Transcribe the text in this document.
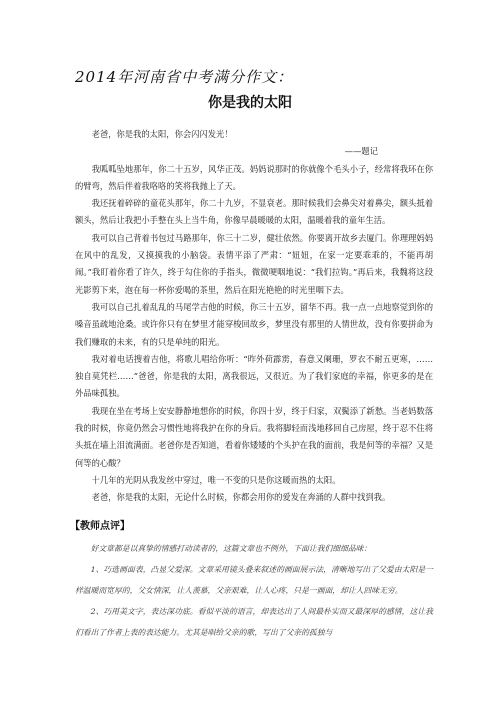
2014年河南省中考满分作文：
你是我的太阳

老爸，你是我的太阳，你会闪闪发光！

——题记

我呱呱坠地那年，你二十五岁，风华正茂。妈妈说那时的你就像个毛头小子，经常将我环在你的臂弯，然后伴着我咯咯的笑将我抛上了天。

我还抚着碎碎的童花头那年，你二十九岁，不显衰老。那时候我们会鼻尖对着鼻尖，额头抵着额头，然后让我把小手整在头上当牛角，你像早晨暖暖的太阳，温暖着我的童年生活。

我可以自己背着书包过马路那年，你三十二岁，健壮依然。你要离开故乡去厦门。你理理妈妈在风中的乱发，又摸摸我的小脑袋。表情平添了严肃：“妞妞，在家一定要乖乖的，不能再胡闹。”我盯着你看了许久，终于勾住你的手指头，微微哽咽地说：“我们拉钩。”再后来，我魏将这段光影剪下来，泡在每一杯你爱喝的茶里，然后在阳光艳艳的时光里咽下去。

我可以自己扎着乱乱的马尾学吉他的时候，你三十五岁，留华不再。我一点一点地察觉到你的嗓音虽疏地沧桑。或许你只有在梦里才能穿梭回故乡，梦里没有那里的人情世故，没有你要拼命为我们赚取的未来，有的只是单纯的阳光。

我对着电话搜着吉他，将歌儿唱给你听：“昨外荷霹雳，春意又阑珊，罗衣不耐五更寒，……独自莫凭栏……”爸爸，你是我的太阳，离我很远，又很近。为了我们家庭的幸福，你更多的是在外品味孤独。

我现在坐在考场上安安静静地想你的时候，你四十岁，终于归家，双鬓添了新愁。当老妈数落我的时候，你竟仍然会习惯性地将我护在你的身后。我将脚轻而浅地移回自己房屋，终于忍不住将头抵在墙上泪流满面。老爸你是否知道，看着你矮矮的个头护在我的面前，我是何等的幸福？又是何等的心酸？

十几年的光阴从我发丝中穿过，唯一不变的只是你这暖而热的太阳。

老爸，你是我的太阳，无论什么时候，你都会用你的爱发在奔涌的人群中找到我。

【教师点评】

好文章都是以真挚的情感打动读者的，这篇文章也不例外，下面让我们细细品味：

1、巧选画面表，凸显父爱深。文章采用镜头叠来叙述的画面展示法，清晰地写出了父爱由太阳是一样温暖而宽厚的，父女情深，让人羡慕，父亲艰难，让人心疼，只是一画面，却让人回味无穷。

2、巧用美文字，表达深功底。看似平淡的语言，却表达出了人间最朴实而又最深厚的感情，这让我们看出了作者上表的表达能力。尤其是唱给父亲的歌，写出了父亲的孤独与
